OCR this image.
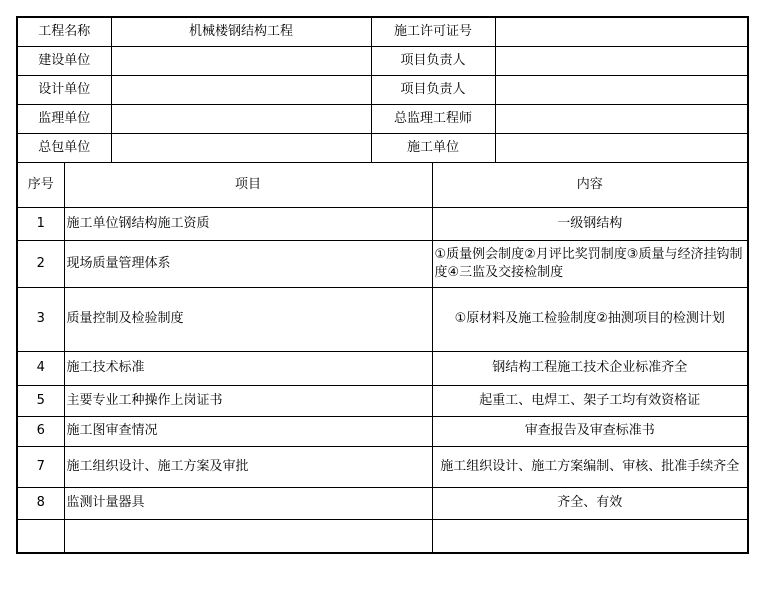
工程名称	机械楼钢结构工程	施工许可证号	
建设单位		项目负责人	
设计单位		项目负责人	
监理单位		总监理工程师	
总包单位		施工单位	
序号	项目	内容
1	施工单位钢结构施工资质	一级钢结构
2	现场质量管理体系	①质量例会制度②月评比奖罚制度③质量与经济挂钩制度④三监及交接检制度
3	质量控制及检验制度	①原材料及施工检验制度②抽测项目的检测计划
4	施工技术标准	钢结构工程施工技术企业标准齐全
5	主要专业工种操作上岗证书	起重工、电焊工、架子工均有效资格证
6	施工图审查情况	审查报告及审查标准书
7	施工组织设计、施工方案及审批	施工组织设计、施工方案编制、审核、批准手续齐全
8	监测计量器具	齐全、有效
